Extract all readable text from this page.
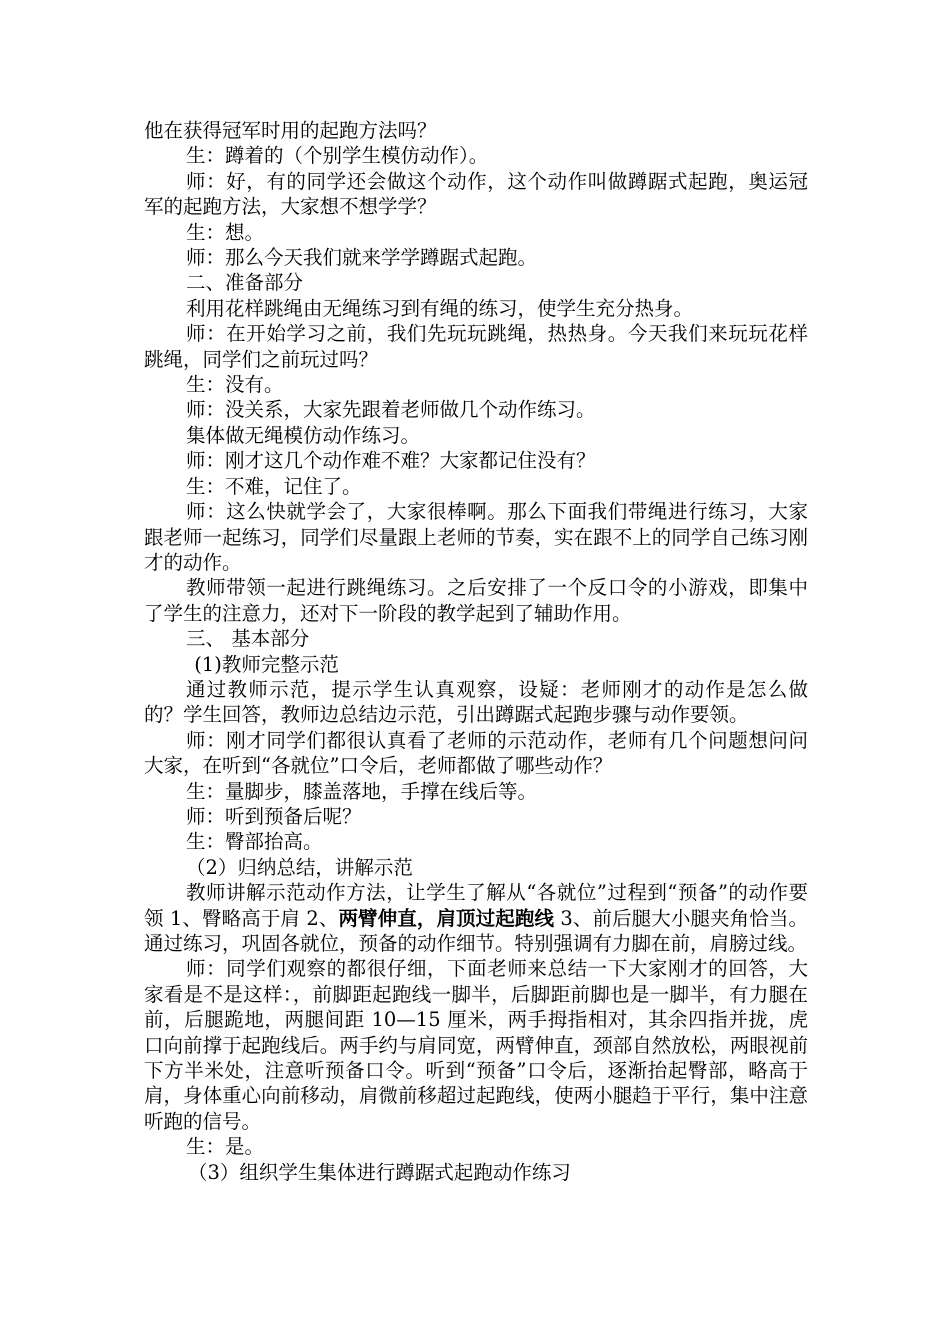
他在获得冠军时用的起跑方法吗？

生：蹲着的（个别学生模仿动作）。

师：好，有的同学还会做这个动作，这个动作叫做蹲踞式起跑，奥运冠军的起跑方法，大家想不想学学？

生：想。

师：那么今天我们就来学学蹲踞式起跑。

二、准备部分

利用花样跳绳由无绳练习到有绳的练习，使学生充分热身。

师：在开始学习之前，我们先玩玩跳绳，热热身。今天我们来玩玩花样跳绳，同学们之前玩过吗？

生：没有。

师：没关系，大家先跟着老师做几个动作练习。

集体做无绳模仿动作练习。

师：刚才这几个动作难不难？大家都记住没有？

生：不难，记住了。

师：这么快就学会了，大家很棒啊。那么下面我们带绳进行练习，大家跟老师一起练习，同学们尽量跟上老师的节奏，实在跟不上的同学自己练习刚才的动作。

教师带领一起进行跳绳练习。之后安排了一个反口令的小游戏，即集中了学生的注意力，还对下一阶段的教学起到了辅助作用。

三、 基本部分

(1)教师完整示范

通过教师示范，提示学生认真观察，设疑：老师刚才的动作是怎么做的？学生回答，教师边总结边示范，引出蹲踞式起跑步骤与动作要领。

师：刚才同学们都很认真看了老师的示范动作，老师有几个问题想问问大家，在听到“各就位”口令后，老师都做了哪些动作？

生：量脚步，膝盖落地，手撑在线后等。

师：听到预备后呢？

生：臀部抬高。

（2）归纳总结，讲解示范

教师讲解示范动作方法，让学生了解从“各就位”过程到“预备”的动作要领 1、臀略高于肩 2、两臂伸直，肩顶过起跑线 3、前后腿大小腿夹角恰当。通过练习，巩固各就位，预备的动作细节。特别强调有力脚在前，肩膀过线。

师：同学们观察的都很仔细，下面老师来总结一下大家刚才的回答，大家看是不是这样：，前脚距起跑线一脚半，后脚距前脚也是一脚半，有力腿在前，后腿跪地，两腿间距 10—15 厘米，两手拇指相对，其余四指并拢，虎口向前撑于起跑线后。两手约与肩同宽，两臂伸直，颈部自然放松，两眼视前下方半米处，注意听预备口令。听到“预备”口令后，逐渐抬起臀部，略高于肩，身体重心向前移动，肩微前移超过起跑线，使两小腿趋于平行，集中注意听跑的信号。

生：是。

（3）组织学生集体进行蹲踞式起跑动作练习
